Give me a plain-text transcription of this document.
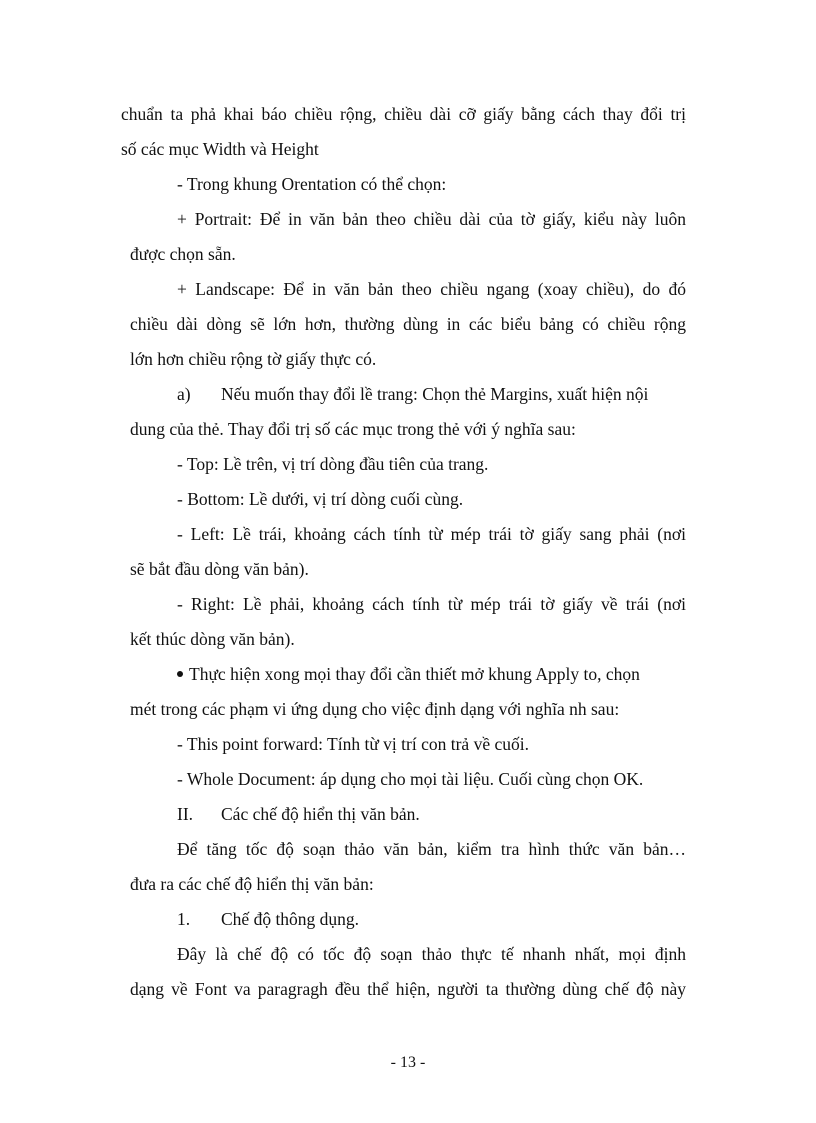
chuẩn ta phả khai báo chiều rộng, chiều dài cỡ giấy bằng cách thay đổi trị
số các mục Width và Height
- Trong khung Orentation có thể chọn:
+ Portrait: Để in văn bản theo chiều dài của tờ giấy, kiểu này luôn
được chọn sẵn.
+ Landscape: Để in văn bản theo chiều ngang (xoay chiều), do đó
chiều dài dòng sẽ lớn hơn, thường dùng in các biểu bảng có chiều rộng
lớn hơn chiều rộng tờ giấy thực có.
a) Nếu muốn thay đổi lề trang: Chọn thẻ Margins, xuất hiện nội
dung của thẻ. Thay đổi trị số các mục trong thẻ với ý nghĩa sau:
- Top: Lề trên, vị trí dòng đầu tiên của trang.
- Bottom: Lề dưới, vị trí dòng cuối cùng.
- Left: Lề trái, khoảng cách tính từ mép trái tờ giấy sang phải (nơi
sẽ bắt đầu dòng văn bản).
- Right: Lề phải, khoảng cách tính từ mép trái tờ giấy về trái (nơi
kết thúc dòng văn bản).
Thực hiện xong mọi thay đổi cần thiết mở khung Apply to, chọn
mét trong các phạm vi ứng dụng cho việc định dạng với nghĩa nh sau:
- This point forward: Tính từ vị trí con trả về cuối.
- Whole Document: áp dụng cho mọi tài liệu. Cuối cùng chọn OK.
II. Các chế độ hiển thị văn bản.
Để tăng tốc độ soạn thảo văn bản, kiểm tra hình thức văn bản…
đưa ra các chế độ hiển thị văn bản:
1. Chế độ thông dụng.
Đây là chế độ có tốc độ soạn thảo thực tế nhanh nhất, mọi định
dạng về Font va paragragh đều thể hiện, người ta thường dùng chế độ này
- 13 -
